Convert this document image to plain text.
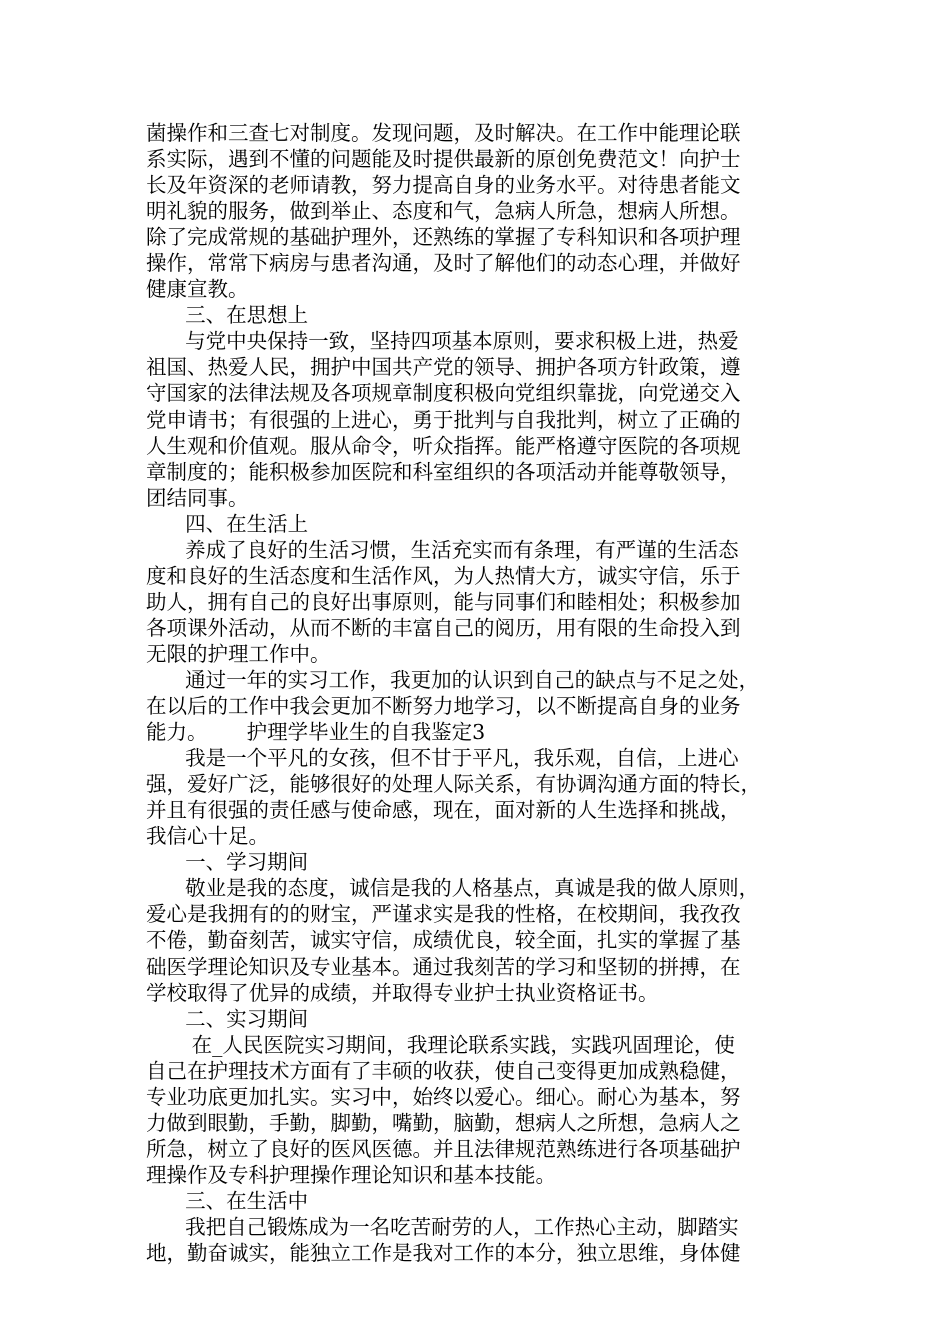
菌操作和三查七对制度。发现问题，及时解决。在工作中能理论联
系实际，遇到不懂的问题能及时提供最新的原创免费范文！向护士
长及年资深的老师请教，努力提高自身的业务水平。对待患者能文
明礼貌的服务，做到举止、态度和气，急病人所急，想病人所想。
除了完成常规的基础护理外，还熟练的掌握了专科知识和各项护理
操作，常常下病房与患者沟通，及时了解他们的动态心理，并做好
健康宣教。
三、在思想上
与党中央保持一致，坚持四项基本原则，要求积极上进，热爱
祖国、热爱人民，拥护中国共产党的领导、拥护各项方针政策，遵
守国家的法律法规及各项规章制度积极向党组织靠拢，向党递交入
党申请书；有很强的上进心，勇于批判与自我批判，树立了正确的
人生观和价值观。服从命令，听众指挥。能严格遵守医院的各项规
章制度的；能积极参加医院和科室组织的各项活动并能尊敬领导，
团结同事。
四、在生活上
养成了良好的生活习惯，生活充实而有条理，有严谨的生活态
度和良好的生活态度和生活作风，为人热情大方，诚实守信，乐于
助人，拥有自己的良好出事原则，能与同事们和睦相处；积极参加
各项课外活动，从而不断的丰富自己的阅历，用有限的生命投入到
无限的护理工作中。
通过一年的实习工作，我更加的认识到自己的缺点与不足之处，
在以后的工作中我会更加不断努力地学习，以不断提高自身的业务
能力。      护理学毕业生的自我鉴定3
我是一个平凡的女孩，但不甘于平凡，我乐观，自信，上进心
强，爱好广泛，能够很好的处理人际关系，有协调沟通方面的特长，
并且有很强的责任感与使命感，现在，面对新的人生选择和挑战，
我信心十足。
一、学习期间
敬业是我的态度，诚信是我的人格基点，真诚是我的做人原则，
爱心是我拥有的的财宝，严谨求实是我的性格，在校期间，我孜孜
不倦，勤奋刻苦，诚实守信，成绩优良，较全面，扎实的掌握了基
础医学理论知识及专业基本。通过我刻苦的学习和坚韧的拼搏，在
学校取得了优异的成绩，并取得专业护士执业资格证书。
二、实习期间
在_人民医院实习期间，我理论联系实践，实践巩固理论，使
自己在护理技术方面有了丰硕的收获，使自己变得更加成熟稳健，
专业功底更加扎实。实习中，始终以爱心。细心。耐心为基本，努
力做到眼勤，手勤，脚勤，嘴勤，脑勤，想病人之所想，急病人之
所急，树立了良好的医风医德。并且法律规范熟练进行各项基础护
理操作及专科护理操作理论知识和基本技能。
三、在生活中
我把自己锻炼成为一名吃苦耐劳的人，工作热心主动，脚踏实
地，勤奋诚实，能独立工作是我对工作的本分，独立思维，身体健
